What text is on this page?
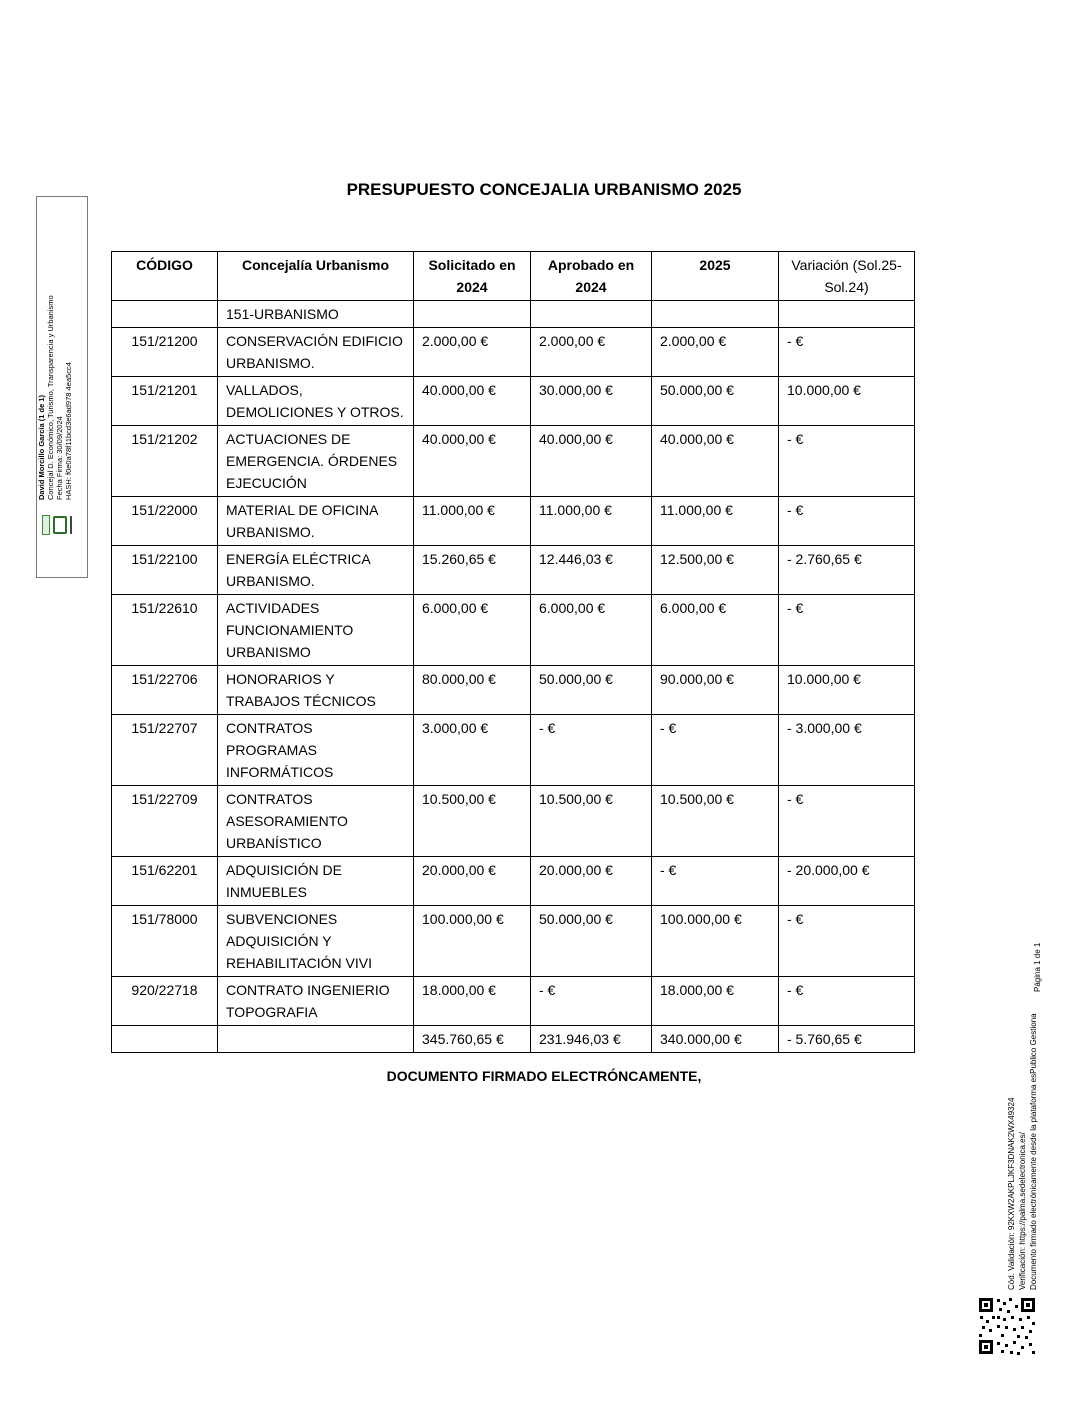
PRESUPUESTO CONCEJALIA URBANISMO 2025
CÓDIGO	Concejalía Urbanismo	Solicitado en 2024	Aprobado en 2024	2025	Variación (Sol.25-Sol.24)
	151-URBANISMO				
151/21200	CONSERVACIÓN EDIFICIO URBANISMO.	2.000,00 €	2.000,00 €	2.000,00 €	- €
151/21201	VALLADOS, DEMOLICIONES Y OTROS.	40.000,00 €	30.000,00 €	50.000,00 €	10.000,00 €
151/21202	ACTUACIONES DE EMERGENCIA. ÓRDENES EJECUCIÓN	40.000,00 €	40.000,00 €	40.000,00 €	- €
151/22000	MATERIAL DE OFICINA URBANISMO.	11.000,00 €	11.000,00 €	11.000,00 €	- €
151/22100	ENERGÍA ELÉCTRICA URBANISMO.	15.260,65 €	12.446,03 €	12.500,00 €	- 2.760,65 €
151/22610	ACTIVIDADES FUNCIONAMIENTO URBANISMO	6.000,00 €	6.000,00 €	6.000,00 €	- €
151/22706	HONORARIOS Y TRABAJOS TÉCNICOS	80.000,00 €	50.000,00 €	90.000,00 €	10.000,00 €
151/22707	CONTRATOS PROGRAMAS INFORMÁTICOS	3.000,00 €	- €	- €	- 3.000,00 €
151/22709	CONTRATOS ASESORAMIENTO URBANÍSTICO	10.500,00 €	10.500,00 €	10.500,00 €	- €
151/62201	ADQUISICIÓN DE INMUEBLES	20.000,00 €	20.000,00 €	- €	- 20.000,00 €
151/78000	SUBVENCIONES ADQUISICIÓN Y REHABILITACIÓN VIVI	100.000,00 €	50.000,00 €	100.000,00 €	- €
920/22718	CONTRATO INGENIERIO TOPOGRAFIA	18.000,00 €	- €	18.000,00 €	- €
		345.760,65 €	231.946,03 €	340.000,00 €	- 5.760,65 €
DOCUMENTO FIRMADO ELECTRÓNCAMENTE,
David Morcillo García (1 de 1) Concejal D. Económico, Turismo, Transparencia y Urbanismo Fecha Firma: 30/09/2024 HASH: f0e0a78f11bcd3e6ad978 4ea5cc4
Cód. Validación: 92KXW2AKPLJKF3DNAK2WX49324 Verificación: https://palma.sedelectronica.es/ Documento firmado electrónicamente desde la plataforma esPublico Gestiona
Página 1 de 1
